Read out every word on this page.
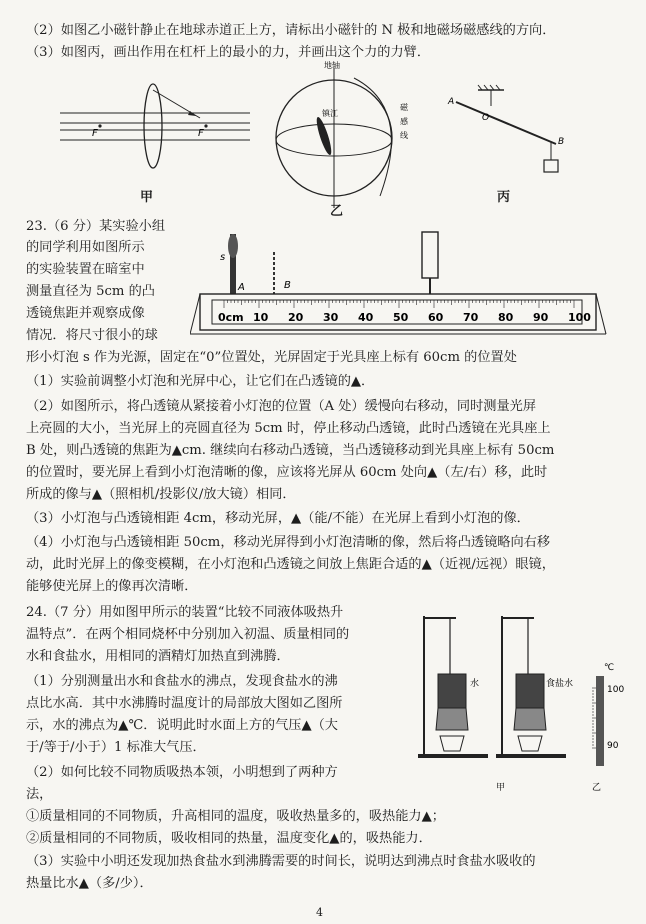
（2）如图乙小磁针静止在地球赤道正上方，请标出小磁针的 N 极和地磁场磁感线的方向．
（3）如图丙，画出作用在杠杆上的最小的力，并画出这个力的力臂．
F	F
甲
地轴
镇江
磁
感
线
乙
A
O
B
丙
23.（6 分）某实验小组
的同学利用如图所示
的实验装置在暗室中
测量直径为 5cm 的凸
透镜焦距并观察成像
情况．将尺寸很小的球
形小灯泡 s 作为光源，固定在“0”位置处，光屏固定于光具座上标有 60cm 的位置处
s
A	B
0cm 10 20 30 40 50 60 70 80 90 100
（1）实验前调整小灯泡和光屏中心，让它们在凸透镜的▲．
（2）如图所示，将凸透镜从紧接着小灯泡的位置（A 处）缓慢向右移动，同时测量光屏
上亮圆的大小，当光屏上的亮圆直径为 5cm 时，停止移动凸透镜，此时凸透镜在光具座上
B 处，则凸透镜的焦距为▲cm. 继续向右移动凸透镜，当凸透镜移动到光具座上标有 50cm
的位置时，要光屏上看到小灯泡清晰的像，应该将光屏从 60cm 处向▲（左/右）移，此时
所成的像与▲（照相机/投影仪/放大镜）相同．
（3）小灯泡与凸透镜相距 4cm，移动光屏，▲（能/不能）在光屏上看到小灯泡的像．
（4）小灯泡与凸透镜相距 50cm，移动光屏得到小灯泡清晰的像，然后将凸透镜略向右移
动，此时光屏上的像变模糊，在小灯泡和凸透镜之间放上焦距合适的▲（近视/远视）眼镜，
能够使光屏上的像再次清晰．
24.（7 分）用如图甲所示的装置“比较不同液体吸热升
温特点”．在两个相同烧杯中分别加入初温、质量相同的
水和食盐水，用相同的酒精灯加热直到沸腾．
（1）分别测量出水和食盐水的沸点，发现食盐水的沸
点比水高．其中水沸腾时温度计的局部放大图如乙图所
示，水的沸点为▲℃．说明此时水面上方的气压▲（大
于/等于/小于）1 标准大气压．
（2）如何比较不同物质吸热本领，小明想到了两种方
法，
①质量相同的不同物质，升高相同的温度，吸收热量多的，吸热能力▲；
②质量相同的不同物质，吸收相同的热量，温度变化▲的，吸热能力．
（3）实验中小明还发现加热食盐水到沸腾需要的时间长，说明达到沸点时食盐水吸收的
热量比水▲（多/少）．
水	食盐水
℃
100
90
甲	乙
4
